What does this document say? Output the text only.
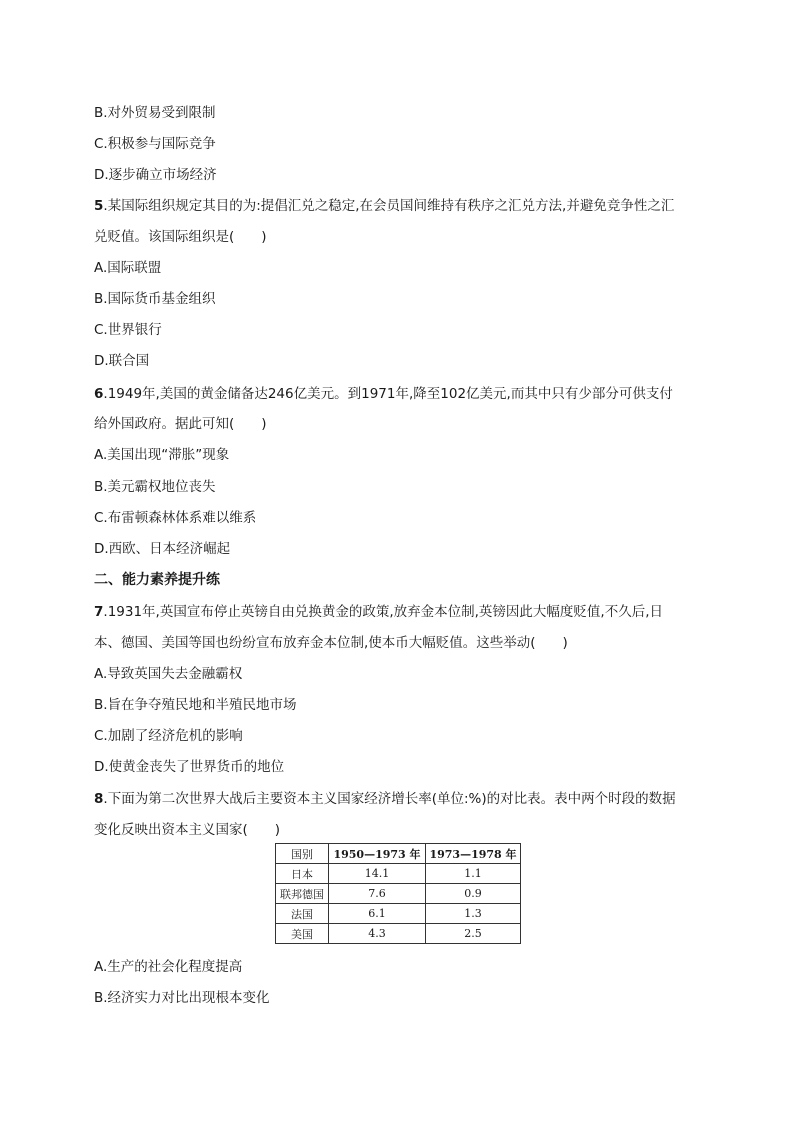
B.对外贸易受到限制
C.积极参与国际竞争
D.逐步确立市场经济
5.某国际组织规定其目的为:提倡汇兑之稳定,在会员国间维持有秩序之汇兑方法,并避免竞争性之汇
兑贬值。该国际组织是(　　)
A.国际联盟
B.国际货币基金组织
C.世界银行
D.联合国
6.1949年,美国的黄金储备达246亿美元。到1971年,降至102亿美元,而其中只有少部分可供支付
给外国政府。据此可知(　　)
A.美国出现“滞胀”现象
B.美元霸权地位丧失
C.布雷顿森林体系难以维系
D.西欧、日本经济崛起
二、能力素养提升练
7.1931年,英国宣布停止英镑自由兑换黄金的政策,放弃金本位制,英镑因此大幅度贬值,不久后,日
本、德国、美国等国也纷纷宣布放弃金本位制,使本币大幅贬值。这些举动(　　)
A.导致英国失去金融霸权
B.旨在争夺殖民地和半殖民地市场
C.加剧了经济危机的影响
D.使黄金丧失了世界货币的地位
8.下面为第二次世界大战后主要资本主义国家经济增长率(单位:%)的对比表。表中两个时段的数据
变化反映出资本主义国家(　　)
国别	1950—1973 年	1973—1978 年
日本	14.1	1.1
联邦德国	7.6	0.9
法国	6.1	1.3
美国	4.3	2.5
A.生产的社会化程度提高
B.经济实力对比出现根本变化
